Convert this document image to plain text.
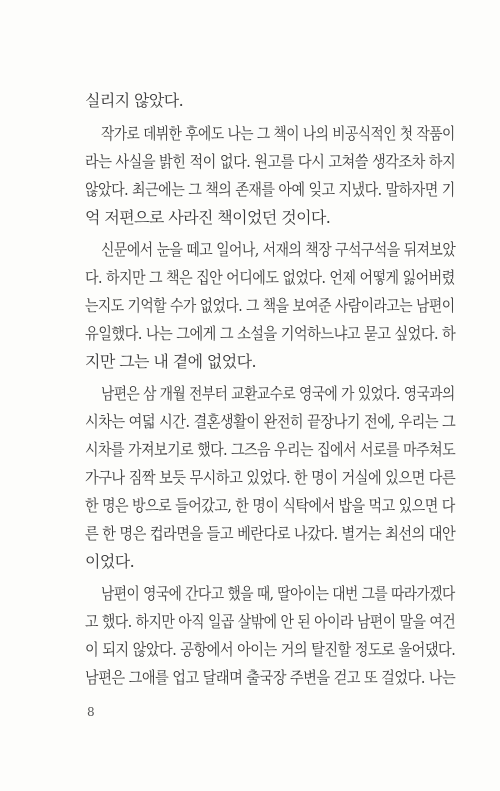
실리지 않았다.
작가로 데뷔한 후에도 나는 그 책이 나의 비공식적인 첫 작품이
라는 사실을 밝힌 적이 없다. 원고를 다시 고쳐쓸 생각조차 하지
않았다. 최근에는 그 책의 존재를 아예 잊고 지냈다. 말하자면 기
억 저편으로 사라진 책이었던 것이다.
신문에서 눈을 떼고 일어나, 서재의 책장 구석구석을 뒤져보았
다. 하지만 그 책은 집안 어디에도 없었다. 언제 어떻게 잃어버렸
는지도 기억할 수가 없었다. 그 책을 보여준 사람이라고는 남편이
유일했다. 나는 그에게 그 소설을 기억하느냐고 묻고 싶었다. 하
지만 그는 내 곁에 없었다.
남편은 삼 개월 전부터 교환교수로 영국에 가 있었다. 영국과의
시차는 여덟 시간. 결혼생활이 완전히 끝장나기 전에, 우리는 그
시차를 가져보기로 했다. 그즈음 우리는 집에서 서로를 마주쳐도
가구나 짐짝 보듯 무시하고 있었다. 한 명이 거실에 있으면 다른
한 명은 방으로 들어갔고, 한 명이 식탁에서 밥을 먹고 있으면 다
른 한 명은 컵라면을 들고 베란다로 나갔다. 별거는 최선의 대안
이었다.
남편이 영국에 간다고 했을 때, 딸아이는 대번 그를 따라가겠다
고 했다. 하지만 아직 일곱 살밖에 안 된 아이라 남편이 말을 여건
이 되지 않았다. 공항에서 아이는 거의 탈진할 정도로 울어댔다.
남편은 그애를 업고 달래며 출국장 주변을 걷고 또 걸었다. 나는
8
